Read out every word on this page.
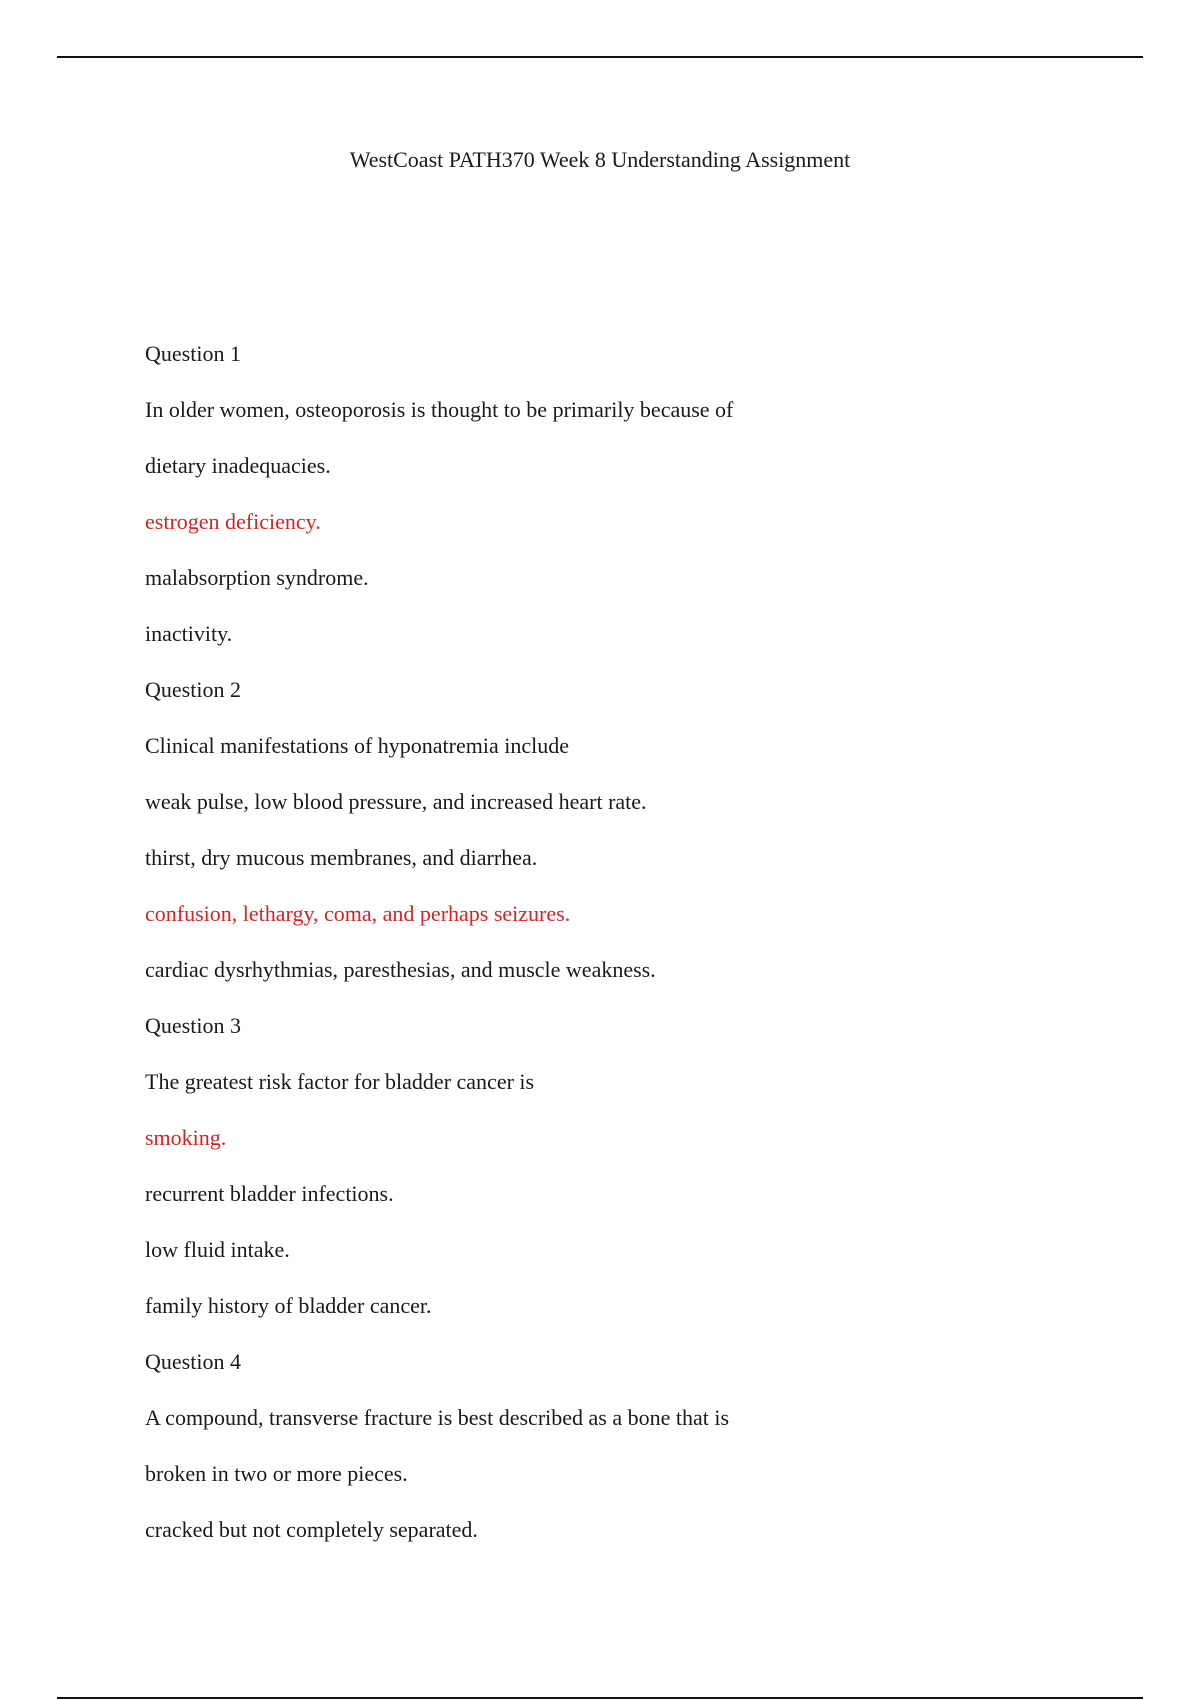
WestCoast PATH370 Week 8 Understanding Assignment
Question 1
In older women, osteoporosis is thought to be primarily because of
dietary inadequacies.
estrogen deficiency.
malabsorption syndrome.
inactivity.
Question 2
Clinical manifestations of hyponatremia include
weak pulse, low blood pressure, and increased heart rate.
thirst, dry mucous membranes, and diarrhea.
confusion, lethargy, coma, and perhaps seizures.
cardiac dysrhythmias, paresthesias, and muscle weakness.
Question 3
The greatest risk factor for bladder cancer is
smoking.
recurrent bladder infections.
low fluid intake.
family history of bladder cancer.
Question 4
A compound, transverse fracture is best described as a bone that is
broken in two or more pieces.
cracked but not completely separated.
